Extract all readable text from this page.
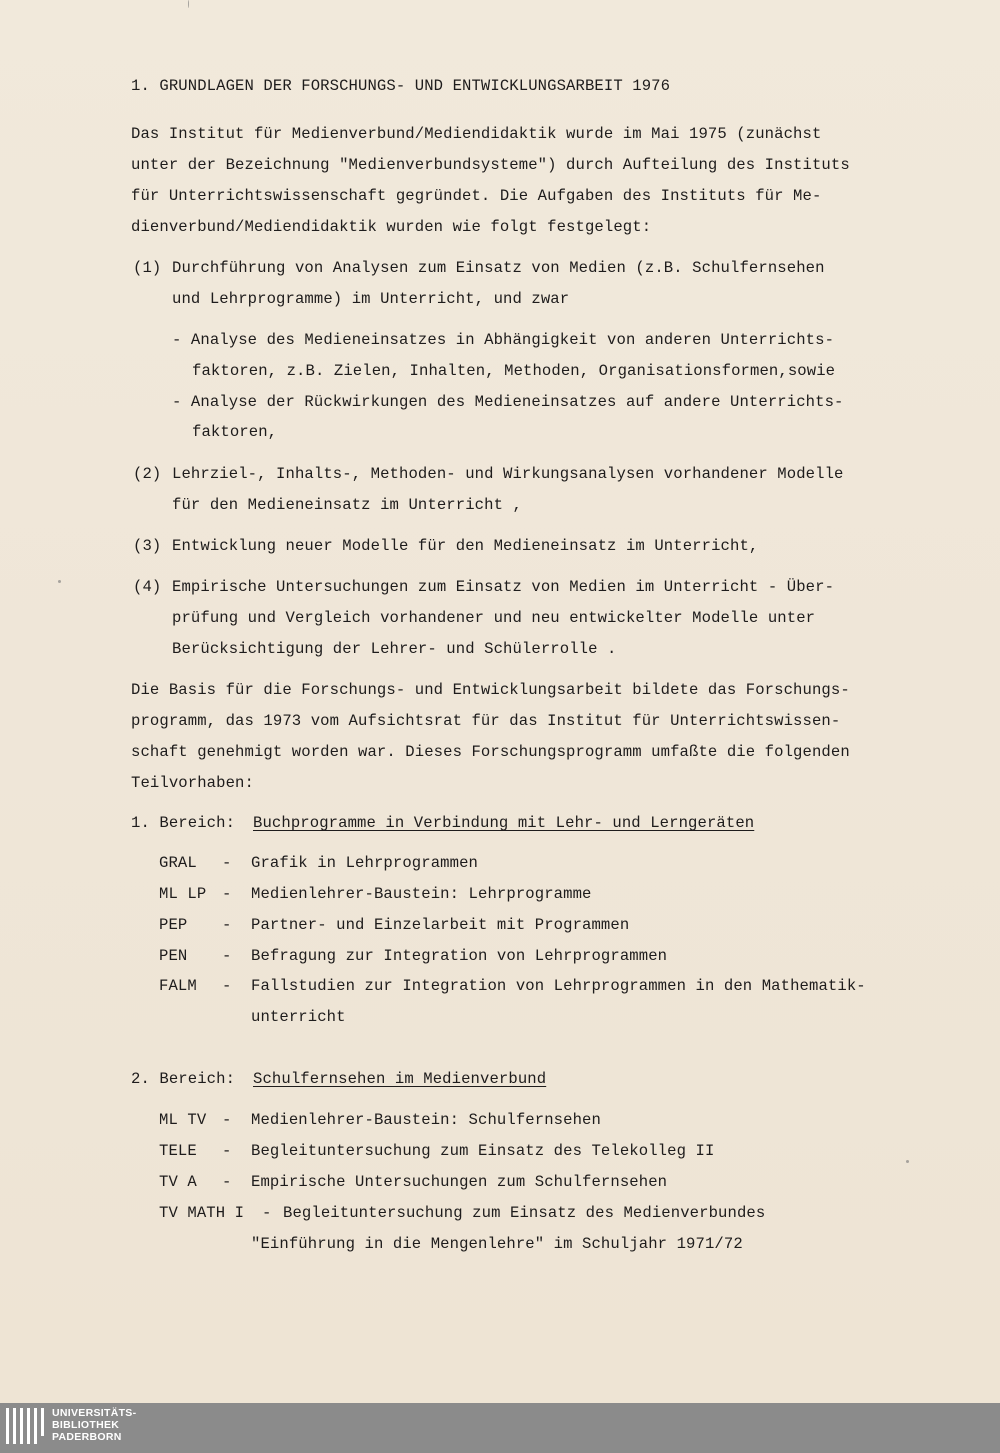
1. GRUNDLAGEN DER FORSCHUNGS- UND ENTWICKLUNGSARBEIT 1976
Das Institut für Medienverbund/Mediendidaktik wurde im Mai 1975 (zunächst
unter der Bezeichnung "Medienverbundsysteme") durch Aufteilung des Instituts
für Unterrichtswissenschaft gegründet. Die Aufgaben des Instituts für Me-
dienverbund/Mediendidaktik wurden wie folgt festgelegt:
(1) Durchführung von Analysen zum Einsatz von Medien (z.B. Schulfernsehen
und Lehrprogramme) im Unterricht, und zwar
- Analyse des Medieneinsatzes in Abhängigkeit von anderen Unterrichts-
faktoren, z.B. Zielen, Inhalten, Methoden, Organisationsformen,sowie
- Analyse der Rückwirkungen des Medieneinsatzes auf andere Unterrichts-
faktoren,
(2) Lehrziel-, Inhalts-, Methoden- und Wirkungsanalysen vorhandener Modelle
für den Medieneinsatz im Unterricht ,
(3) Entwicklung neuer Modelle für den Medieneinsatz im Unterricht,
(4) Empirische Untersuchungen zum Einsatz von Medien im Unterricht - Über-
prüfung und Vergleich vorhandener und neu entwickelter Modelle unter
Berücksichtigung der Lehrer- und Schülerrolle .
Die Basis für die Forschungs- und Entwicklungsarbeit bildete das Forschungs-
programm, das 1973 vom Aufsichtsrat für das Institut für Unterrichtswissen-
schaft genehmigt worden war. Dieses Forschungsprogramm umfaßte die folgenden
Teilvorhaben:
1. Bereich: Buchprogramme in Verbindung mit Lehr- und Lerngeräten
GRAL - Grafik in Lehrprogrammen
ML LP - Medienlehrer-Baustein: Lehrprogramme
PEP - Partner- und Einzelarbeit mit Programmen
PEN - Befragung zur Integration von Lehrprogrammen
FALM - Fallstudien zur Integration von Lehrprogrammen in den Mathematik-
unterricht
2. Bereich: Schulfernsehen im Medienverbund
ML TV - Medienlehrer-Baustein: Schulfernsehen
TELE - Begleituntersuchung zum Einsatz des Telekolleg II
TV A - Empirische Untersuchungen zum Schulfernsehen
TV MATH I - Begleituntersuchung zum Einsatz des Medienverbundes
"Einführung in die Mengenlehre" im Schuljahr 1971/72
UNIVERSITÄTS-
BIBLIOTHEK
PADERBORN
